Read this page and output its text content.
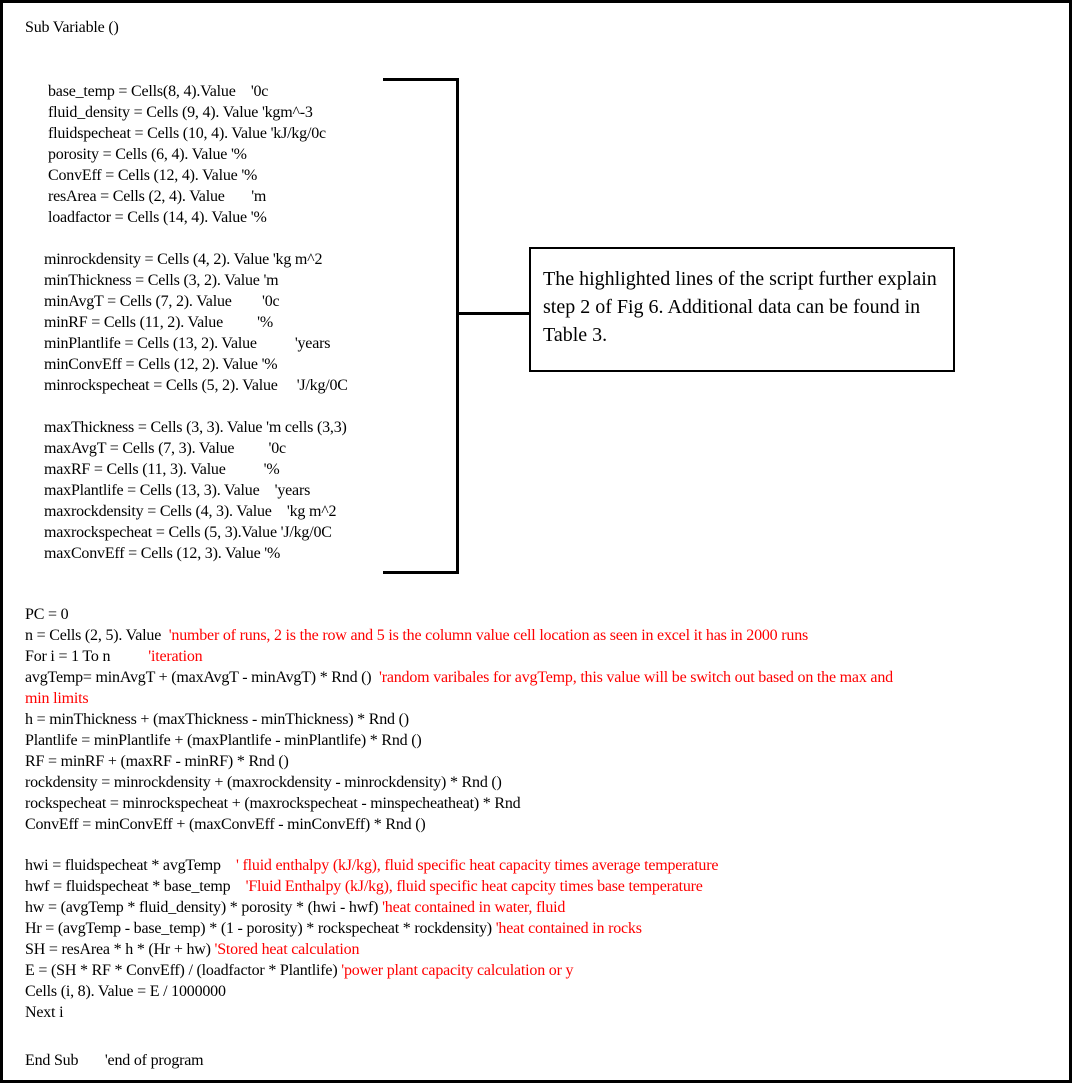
Sub Variable ()
base_temp = Cells(8, 4).Value    '0c
fluid_density = Cells (9, 4). Value 'kgm^-3
fluidspecheat = Cells (10, 4). Value 'kJ/kg/0c
porosity = Cells (6, 4). Value '%
ConvEff = Cells (12, 4). Value '%
resArea = Cells (2, 4). Value       'm
loadfactor = Cells (14, 4). Value '%
minrockdensity = Cells (4, 2). Value 'kg m^2
minThickness = Cells (3, 2). Value 'm
minAvgT = Cells (7, 2). Value        '0c
minRF = Cells (11, 2). Value         '%
minPlantlife = Cells (13, 2). Value          'years
minConvEff = Cells (12, 2). Value '%
minrockspecheat = Cells (5, 2). Value     'J/kg/0C
maxThickness = Cells (3, 3). Value 'm cells (3,3)
maxAvgT = Cells (7, 3). Value         '0c
maxRF = Cells (11, 3). Value          '%
maxPlantlife = Cells (13, 3). Value    'years
maxrockdensity = Cells (4, 3). Value    'kg m^2
maxrockspecheat = Cells (5, 3).Value 'J/kg/0C
maxConvEff = Cells (12, 3). Value '%
The highlighted lines of the script further explain step 2 of Fig 6. Additional data can be found in Table 3.
PC = 0
n = Cells (2, 5). Value  'number of runs, 2 is the row and 5 is the column value cell location as seen in excel it has in 2000 runs
For i = 1 To n          'iteration
avgTemp= minAvgT + (maxAvgT - minAvgT) * Rnd ()  'random varibales for avgTemp, this value will be switch out based on the max and
min limits
h = minThickness + (maxThickness - minThickness) * Rnd ()
Plantlife = minPlantlife + (maxPlantlife - minPlantlife) * Rnd ()
RF = minRF + (maxRF - minRF) * Rnd ()
rockdensity = minrockdensity + (maxrockdensity - minrockdensity) * Rnd ()
rockspecheat = minrockspecheat + (maxrockspecheat - minspecheatheat) * Rnd
ConvEff = minConvEff + (maxConvEff - minConvEff) * Rnd ()
hwi = fluidspecheat * avgTemp    ' fluid enthalpy (kJ/kg), fluid specific heat capacity times average temperature
hwf = fluidspecheat * base_temp    'Fluid Enthalpy (kJ/kg), fluid specific heat capcity times base temperature
hw = (avgTemp * fluid_density) * porosity * (hwi - hwf) 'heat contained in water, fluid
Hr = (avgTemp - base_temp) * (1 - porosity) * rockspecheat * rockdensity) 'heat contained in rocks
SH = resArea * h * (Hr + hw) 'Stored heat calculation
E = (SH * RF * ConvEff) / (loadfactor * Plantlife) 'power plant capacity calculation or y
Cells (i, 8). Value = E / 1000000
Next i
End Sub       'end of program
